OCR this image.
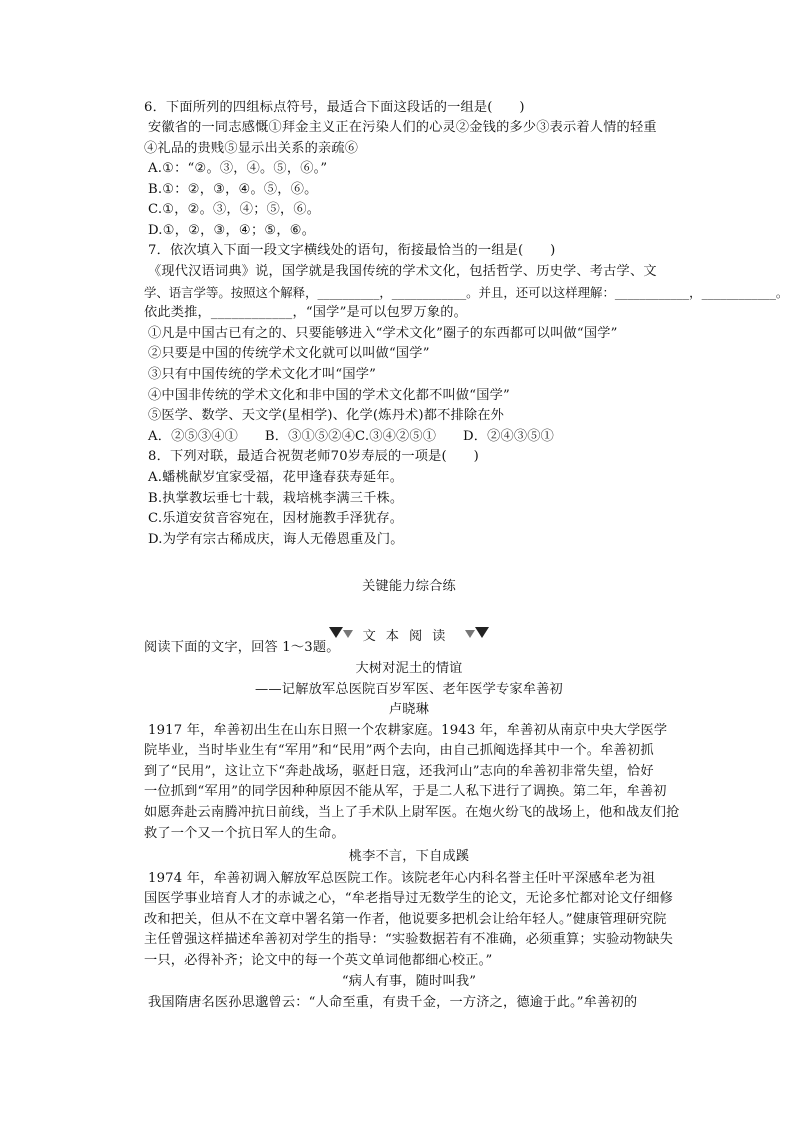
6．下面所列的四组标点符号，最适合下面这段话的一组是(　　)
安徽省的一同志感慨①拜金主义正在污染人们的心灵②金钱的多少③表示着人情的轻重
④礼品的贵贱⑤显示出关系的亲疏⑥
A.①：“②。③，④。⑤，⑥。”
B.①：②，③，④。⑤，⑥。
C.①，②。③，④；⑤，⑥。
D.①，②，③，④；⑤，⑥。
7．依次填入下面一段文字横线处的语句，衔接最恰当的一组是(　　)
《现代汉语词典》说，国学就是我国传统的学术文化，包括哲学、历史学、考古学、文
学、语言学等。按照这个解释，__________，____________。并且，还可以这样理解：____________，____________。
依此类推，____________，“国学”是可以包罗万象的。
①凡是中国古已有之的、只要能够进入“学术文化”圈子的东西都可以叫做“国学”
②只要是中国的传统学术文化就可以叫做“国学”
③只有中国传统的学术文化才叫“国学”
④中国非传统的学术文化和非中国的学术文化都不叫做“国学”
⑤医学、数学、天文学(星相学)、化学(炼丹术)都不排除在外
A．②⑤③④①　　B．③①⑤②④C.③④②⑤①　　D．②④③⑤①
8．下列对联，最适合祝贺老师70岁寿辰的一项是(　　)
A.蟠桃献岁宜家受福，花甲逢春获寿延年。
B.执掌教坛垂七十载，栽培桃李满三千株。
C.乐道安贫音容宛在，因材施教手泽犹存。
D.为学有宗古稀成庆，诲人无倦恩重及门。
关键能力综合练
文本阅读
阅读下面的文字，回答 1～3题。
大树对泥土的情谊
——记解放军总医院百岁军医、老年医学专家牟善初
卢晓琳
1917 年，牟善初出生在山东日照一个农耕家庭。1943 年，牟善初从南京中央大学医学
院毕业，当时毕业生有“军用”和“民用”两个去向，由自己抓阄选择其中一个。牟善初抓
到了“民用”，这让立下“奔赴战场，驱赶日寇，还我河山”志向的牟善初非常失望，恰好
一位抓到“军用”的同学因种种原因不能从军，于是二人私下进行了调换。第二年，牟善初
如愿奔赴云南腾冲抗日前线，当上了手术队上尉军医。在炮火纷飞的战场上，他和战友们抢
救了一个又一个抗日军人的生命。
桃李不言，下自成蹊
1974 年，牟善初调入解放军总医院工作。该院老年心内科名誉主任叶平深感牟老为祖
国医学事业培育人才的赤诚之心，“牟老指导过无数学生的论文，无论多忙都对论文仔细修
改和把关，但从不在文章中署名第一作者，他说要多把机会让给年轻人。”健康管理研究院
主任曾强这样描述牟善初对学生的指导：“实验数据若有不准确，必须重算；实验动物缺失
一只，必得补齐；论文中的每一个英文单词他都细心校正。”
“病人有事，随时叫我”
我国隋唐名医孙思邈曾云：“人命至重，有贵千金，一方济之，德逾于此。”牟善初的
